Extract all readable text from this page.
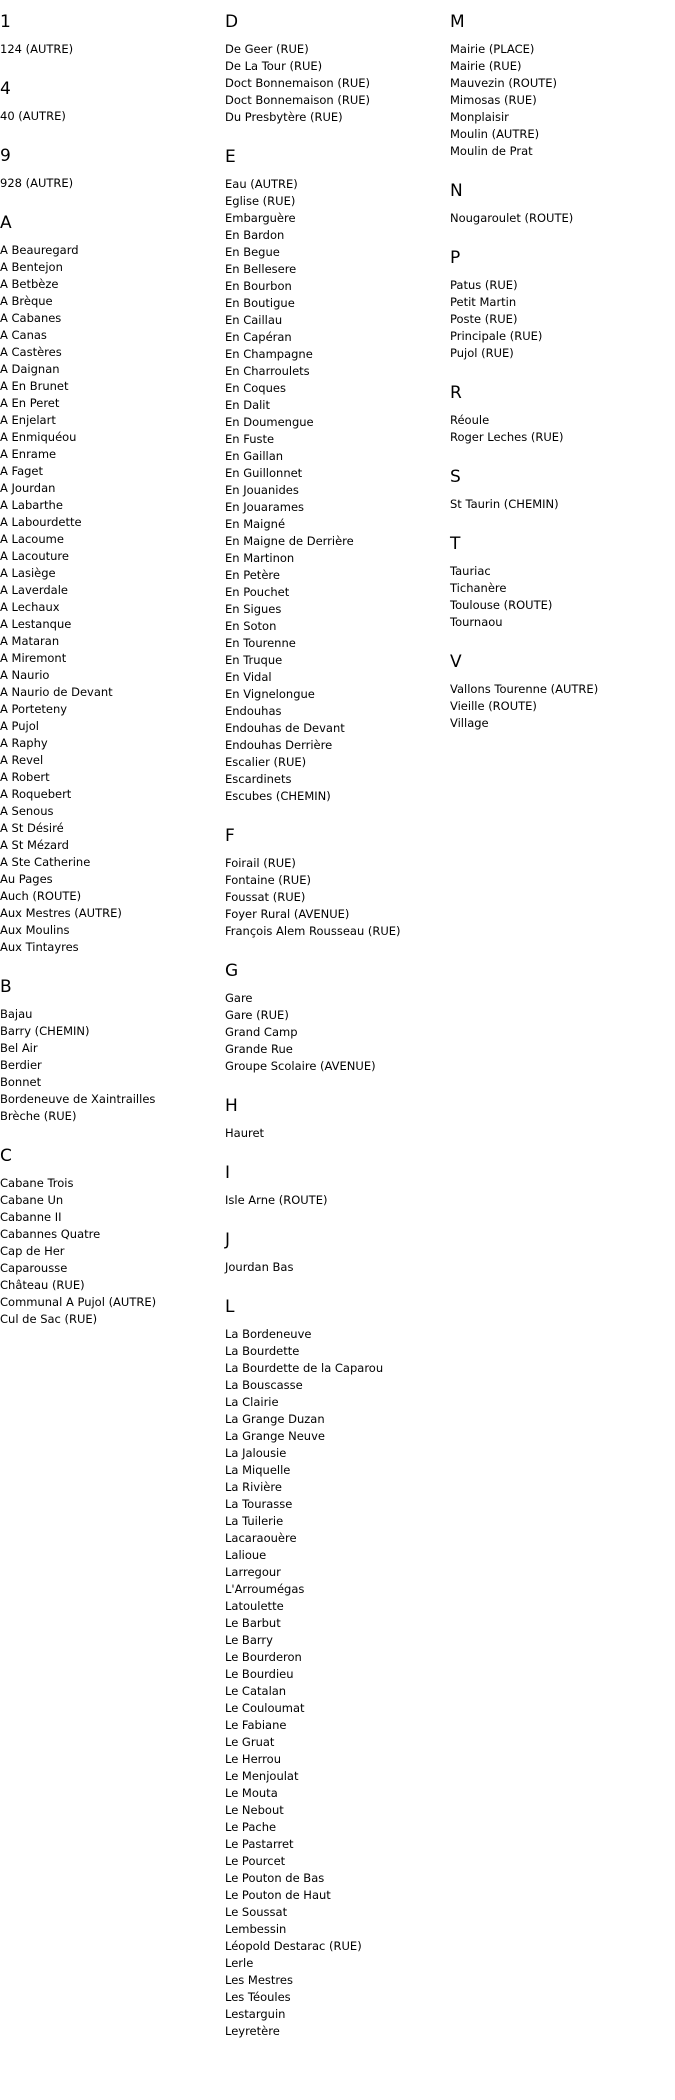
1
124 (AUTRE)
4
40 (AUTRE)
9
928 (AUTRE)
A
A Beauregard
A Bentejon
A Betbèze
A Brèque
A Cabanes
A Canas
A Castères
A Daignan
A En Brunet
A En Peret
A Enjelart
A Enmiquéou
A Enrame
A Faget
A Jourdan
A Labarthe
A Labourdette
A Lacoume
A Lacouture
A Lasiège
A Laverdale
A Lechaux
A Lestanque
A Mataran
A Miremont
A Naurio
A Naurio de Devant
A Porteteny
A Pujol
A Raphy
A Revel
A Robert
A Roquebert
A Senous
A St Désiré
A St Mézard
A Ste Catherine
Au Pages
Auch (ROUTE)
Aux Mestres (AUTRE)
Aux Moulins
Aux Tintayres
B
Bajau
Barry (CHEMIN)
Bel Air
Berdier
Bonnet
Bordeneuve de Xaintrailles
Brèche (RUE)
C
Cabane Trois
Cabane Un
Cabanne II
Cabannes Quatre
Cap de Her
Caparousse
Château (RUE)
Communal A Pujol (AUTRE)
Cul de Sac (RUE)
D
De Geer (RUE)
De La Tour (RUE)
Doct Bonnemaison (RUE)
Doct Bonnemaison (RUE)
Du Presbytère (RUE)
E
Eau (AUTRE)
Eglise (RUE)
Embarguère
En Bardon
En Begue
En Bellesere
En Bourbon
En Boutigue
En Caillau
En Capéran
En Champagne
En Charroulets
En Coques
En Dalit
En Doumengue
En Fuste
En Gaillan
En Guillonnet
En Jouanides
En Jouarames
En Maigné
En Maigne de Derrière
En Martinon
En Petère
En Pouchet
En Sigues
En Soton
En Tourenne
En Truque
En Vidal
En Vignelongue
Endouhas
Endouhas de Devant
Endouhas Derrière
Escalier (RUE)
Escardinets
Escubes (CHEMIN)
F
Foirail (RUE)
Fontaine (RUE)
Foussat (RUE)
Foyer Rural (AVENUE)
François Alem Rousseau (RUE)
G
Gare
Gare (RUE)
Grand Camp
Grande Rue
Groupe Scolaire (AVENUE)
H
Hauret
I
Isle Arne (ROUTE)
J
Jourdan Bas
L
La Bordeneuve
La Bourdette
La Bourdette de la Caparou
La Bouscasse
La Clairie
La Grange Duzan
La Grange Neuve
La Jalousie
La Miquelle
La Rivière
La Tourasse
La Tuilerie
Lacaraouère
Lalioue
Larregour
L'Arroumégas
Latoulette
Le Barbut
Le Barry
Le Bourderon
Le Bourdieu
Le Catalan
Le Couloumat
Le Fabiane
Le Gruat
Le Herrou
Le Menjoulat
Le Mouta
Le Nebout
Le Pache
Le Pastarret
Le Pourcet
Le Pouton de Bas
Le Pouton de Haut
Le Soussat
Lembessin
Léopold Destarac (RUE)
Lerle
Les Mestres
Les Téoules
Lestarguin
Leyretère
M
Mairie (PLACE)
Mairie (RUE)
Mauvezin (ROUTE)
Mimosas (RUE)
Monplaisir
Moulin (AUTRE)
Moulin de Prat
N
Nougaroulet (ROUTE)
P
Patus (RUE)
Petit Martin
Poste (RUE)
Principale (RUE)
Pujol (RUE)
R
Réoule
Roger Leches (RUE)
S
St Taurin (CHEMIN)
T
Tauriac
Tichanère
Toulouse (ROUTE)
Tournaou
V
Vallons Tourenne (AUTRE)
Vieille (ROUTE)
Village
